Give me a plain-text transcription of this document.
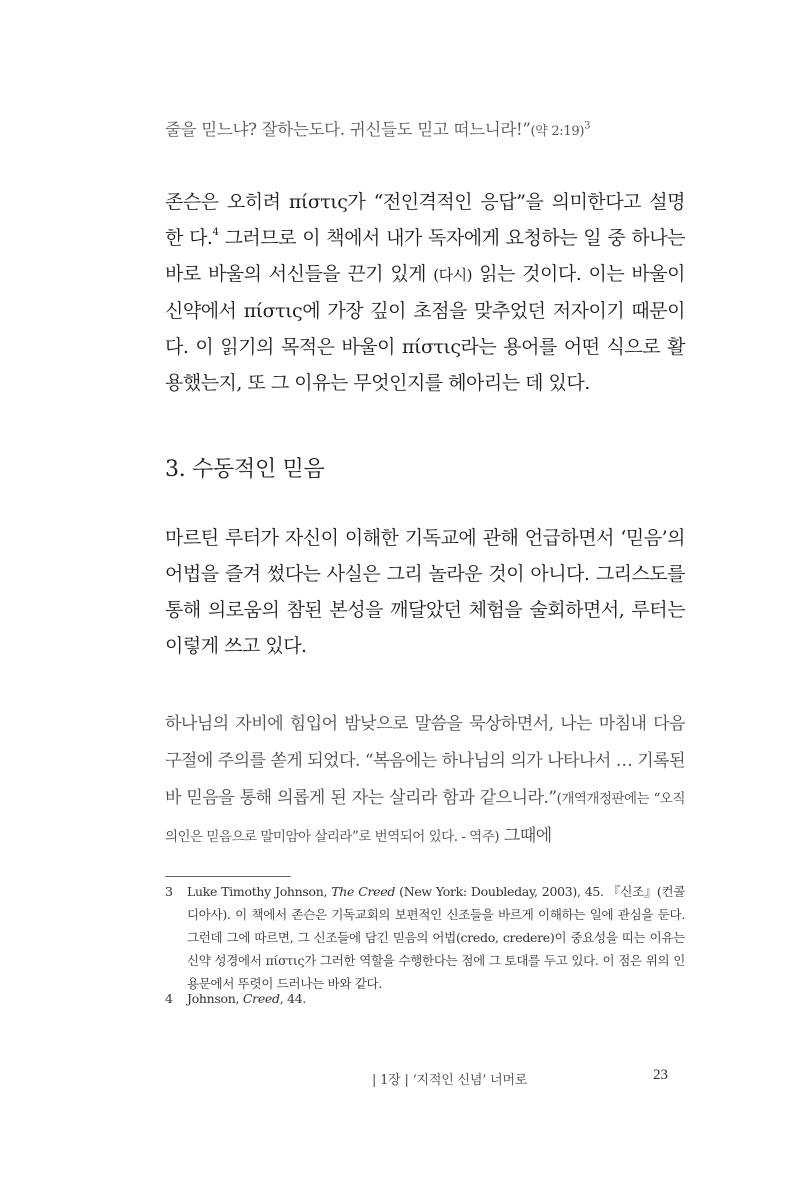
줄을 믿느냐? 잘하는도다. 귀신들도 믿고 떠느니라!”(약 2:19)$^3$
존슨은 오히려 πίστις가 “전인격적인 응답”을 의미한다고 설명한 다.$^4$ 그러므로 이 책에서 내가 독자에게 요청하는 일 중 하나는 바로 바울의 서신들을 끈기 있게 (다시) 읽는 것이다. 이는 바울이 신약에서 πίστις에 가장 깊이 초점을 맞추었던 저자이기 때문이다. 이 읽기의 목적은 바울이 πίστις라는 용어를 어떤 식으로 활용했는지, 또 그 이유는 무엇인지를 헤아리는 데 있다.
3. 수동적인 믿음
마르틴 루터가 자신이 이해한 기독교에 관해 언급하면서 ‘믿음’의 어법을 즐겨 썼다는 사실은 그리 놀라운 것이 아니다. 그리스도를 통해 의로움의 참된 본성을 깨달았던 체험을 술회하면서, 루터는 이렇게 쓰고 있다.
하나님의 자비에 힘입어 밤낮으로 말씀을 묵상하면서, 나는 마침내 다음 구절에 주의를 쏟게 되었다. “복음에는 하나님의 의가 나타나서 … 기록된바 믿음을 통해 의롭게 된 자는 살리라 함과 같으니라.”(개역개정판에는 “오직 의인은 믿음으로 말미암아 살리라”로 번역되어 있다. - 역주) 그때에
3 Luke Timothy Johnson, The Creed (New York: Doubleday, 2003), 45. 『신조』(컨콜디아사). 이 책에서 존슨은 기독교회의 보편적인 신조들을 바르게 이해하는 일에 관심을 둔다. 그런데 그에 따르면, 그 신조들에 담긴 믿음의 어법(credo, credere)이 중요성을 띠는 이유는 신약 성경에서 πίστις가 그러한 역할을 수행한다는 점에 그 토대를 두고 있다. 이 점은 위의 인용문에서 뚜렷이 드러나는 바와 같다.
4 Johnson, Creed, 44.
| 1장 | ‘지적인 신념’ 너머로	23
